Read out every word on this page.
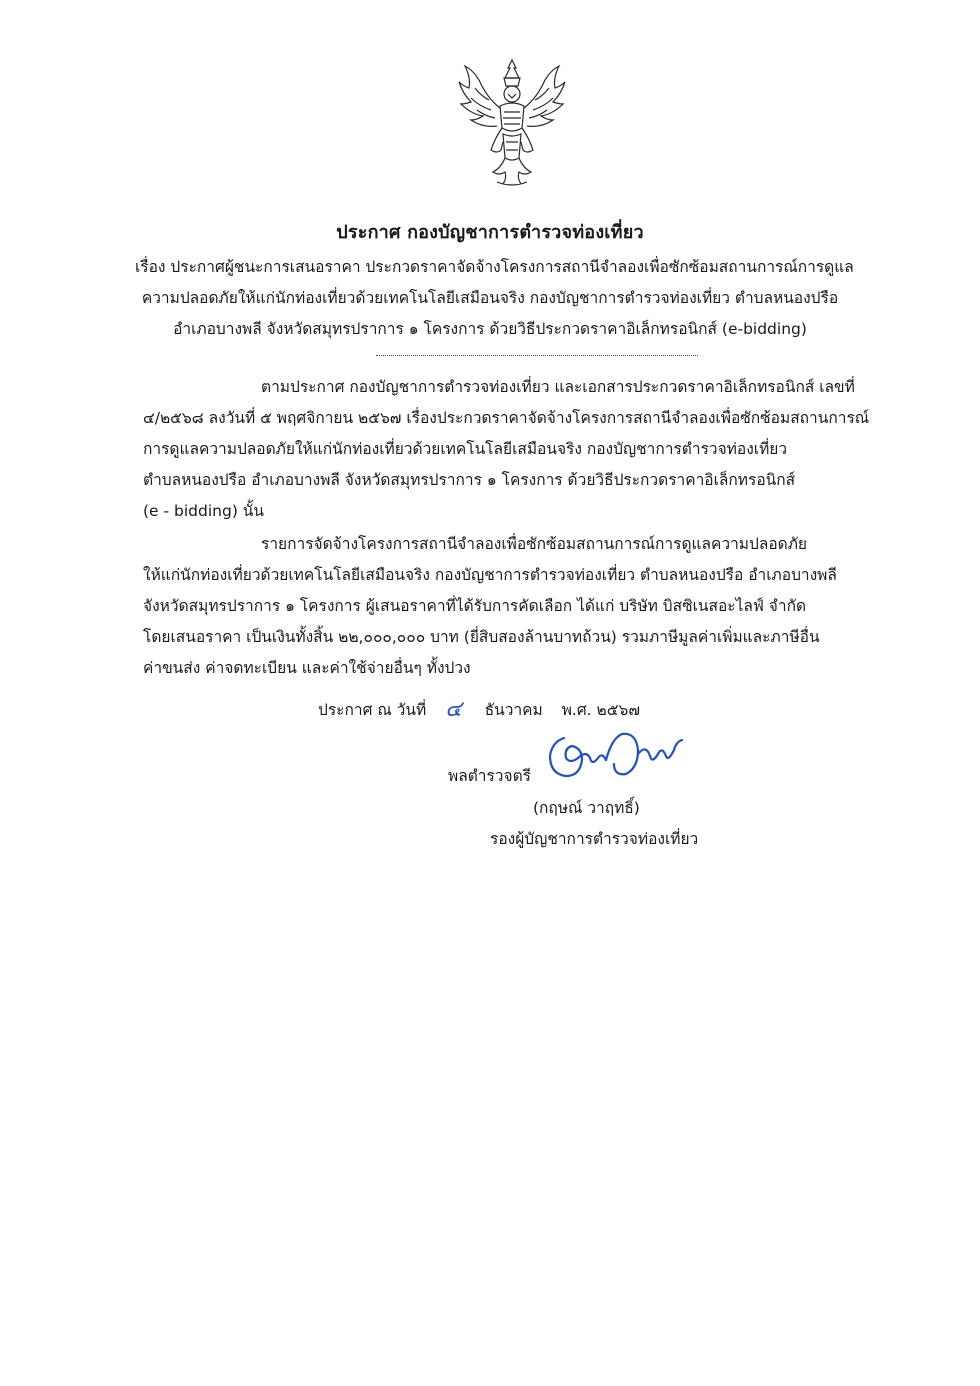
ประกาศ กองบัญชาการตำรวจท่องเที่ยว
เรื่อง ประกาศผู้ชนะการเสนอราคา ประกวดราคาจัดจ้างโครงการสถานีจำลองเพื่อซักซ้อมสถานการณ์การดูแล
ความปลอดภัยให้แก่นักท่องเที่ยวด้วยเทคโนโลยีเสมือนจริง กองบัญชาการตำรวจท่องเที่ยว ตำบลหนองปรือ
อำเภอบางพลี จังหวัดสมุทรปราการ ๑ โครงการ ด้วยวิธีประกวดราคาอิเล็กทรอนิกส์ (e-bidding)
ตามประกาศ กองบัญชาการตำรวจท่องเที่ยว และเอกสารประกวดราคาอิเล็กทรอนิกส์ เลขที่
๔/๒๕๖๘ ลงวันที่ ๕ พฤศจิกายน ๒๕๖๗ เรื่องประกวดราคาจัดจ้างโครงการสถานีจำลองเพื่อซักซ้อมสถานการณ์
การดูแลความปลอดภัยให้แก่นักท่องเที่ยวด้วยเทคโนโลยีเสมือนจริง กองบัญชาการตำรวจท่องเที่ยว
ตำบลหนองปรือ อำเภอบางพลี จังหวัดสมุทรปราการ ๑ โครงการ ด้วยวิธีประกวดราคาอิเล็กทรอนิกส์
(e - bidding) นั้น
รายการจัดจ้างโครงการสถานีจำลองเพื่อซักซ้อมสถานการณ์การดูแลความปลอดภัย
ให้แก่นักท่องเที่ยวด้วยเทคโนโลยีเสมือนจริง กองบัญชาการตำรวจท่องเที่ยว ตำบลหนองปรือ อำเภอบางพลี
จังหวัดสมุทรปราการ ๑ โครงการ ผู้เสนอราคาที่ได้รับการคัดเลือก ได้แก่ บริษัท บิสซิเนสอะไลฟ์ จำกัด
โดยเสนอราคา เป็นเงินทั้งสิ้น ๒๒,๐๐๐,๐๐๐ บาท (ยี่สิบสองล้านบาทถ้วน) รวมภาษีมูลค่าเพิ่มและภาษีอื่น
ค่าขนส่ง ค่าจดทะเบียน และค่าใช้จ่ายอื่นๆ ทั้งปวง
ประกาศ ณ วันที่ ๔ ธันวาคม พ.ศ. ๒๕๖๗
พลตำรวจตรี
(กฤษณ์ วาฤทธิ์)
รองผู้บัญชาการตำรวจท่องเที่ยว
